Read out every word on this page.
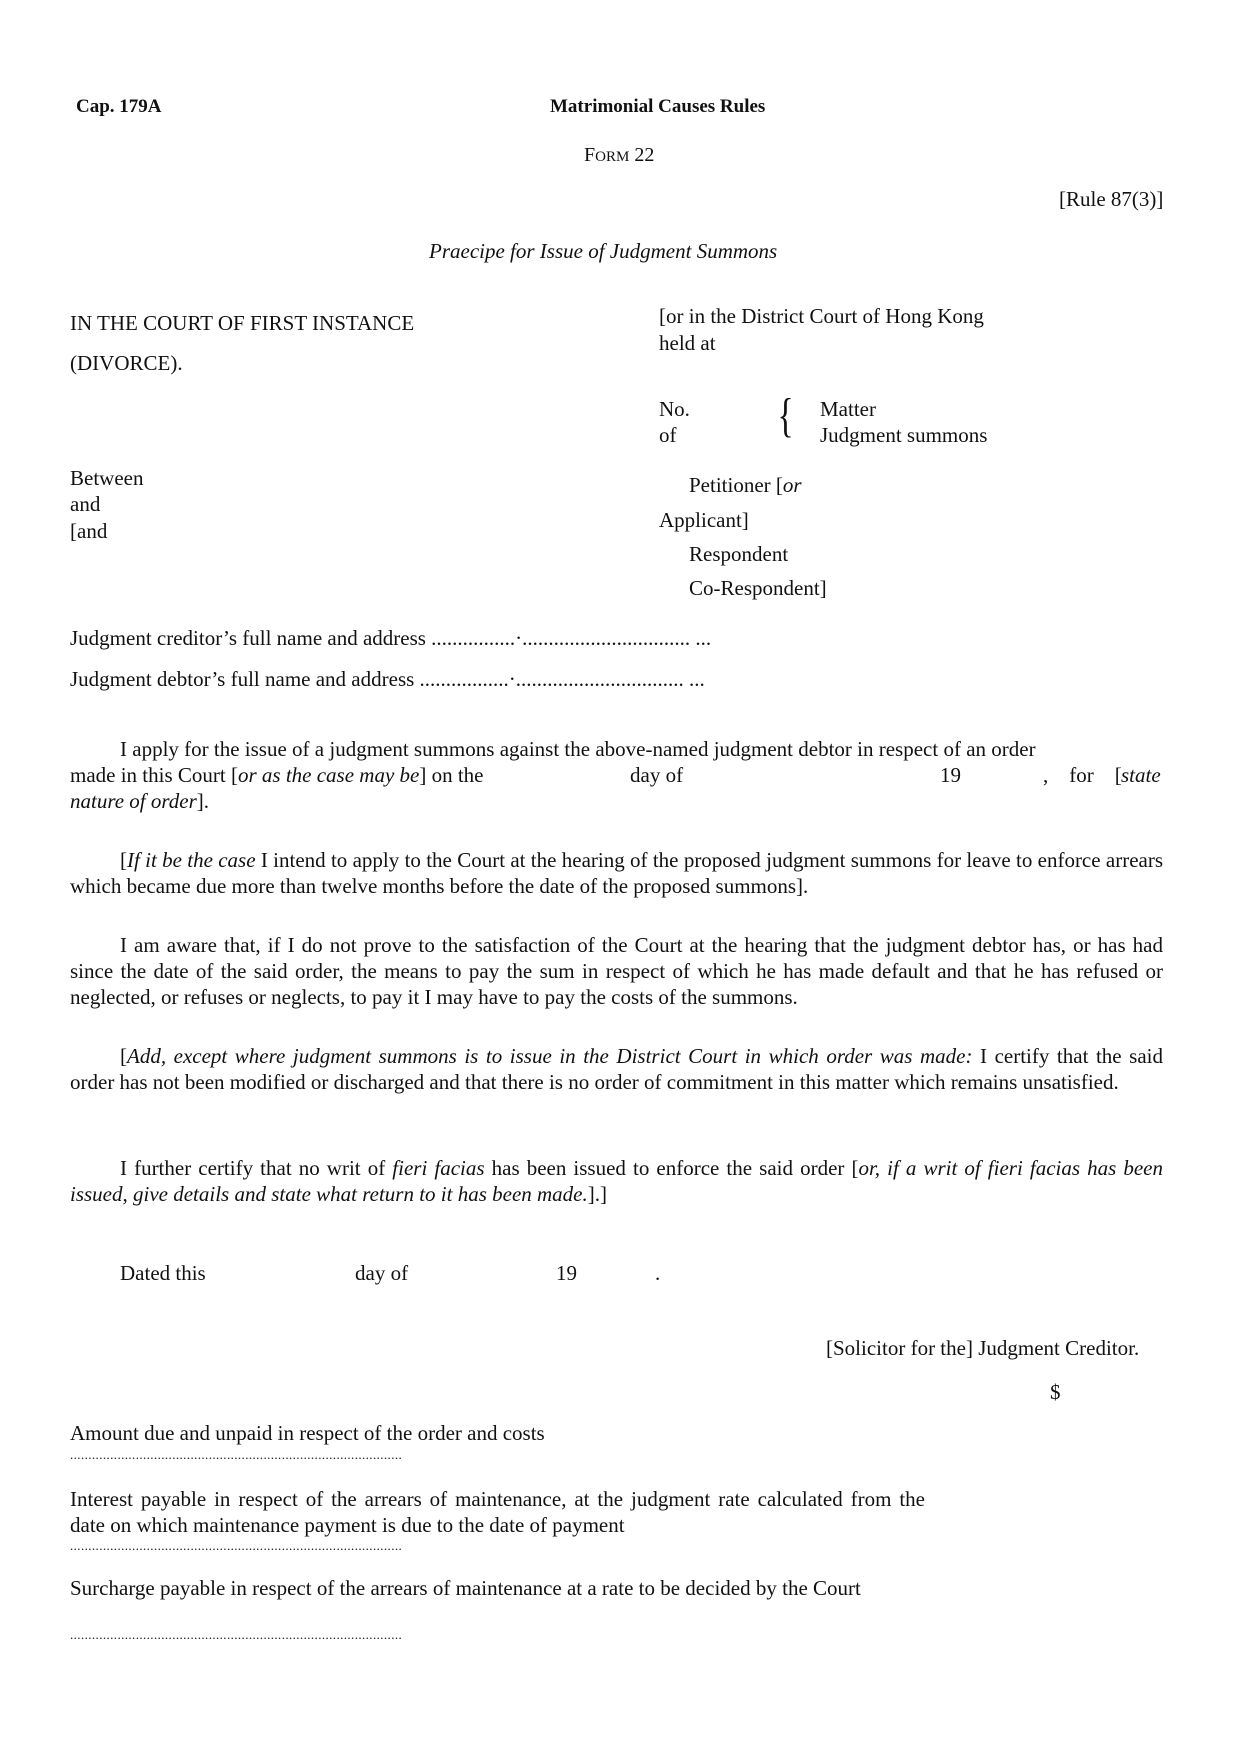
Cap. 179A	Matrimonial Causes Rules
FORM 22
[Rule 87(3)]
Praecipe for Issue of Judgment Summons
IN THE COURT OF FIRST INSTANCE
(DIVORCE).
[or in the District Court of Hong Kong
held at
No.
of { Matter
Judgment summons
Between
and
[and
Petitioner [or
Applicant]
Respondent
Co-Respondent]
Judgment creditor’s full name and address ................·................................ ...
Judgment debtor’s full name and address .................·................................ ...
I apply for the issue of a judgment summons against the above-named judgment debtor in respect of an order
made in this Court [or as the case may be] on the	day of	19	,    for    [ state
nature of order].
[If it be the case I intend to apply to the Court at the hearing of the proposed judgment summons for leave to enforce arrears which became due more than twelve months before the date of the proposed summons].
I am aware that, if I do not prove to the satisfaction of the Court at the hearing that the judgment debtor has, or has had since the date of the said order, the means to pay the sum in respect of which he has made default and that he has refused or neglected, or refuses or neglects, to pay it I may have to pay the costs of the summons.
[Add, except where judgment summons is to issue in the District Court in which order was made: I certify that the said order has not been modified or discharged and that there is no order of commitment in this matter which remains unsatisfied.
I further certify that no writ of fieri facias has been issued to enforce the said order [or, if a writ of fieri facias has been issued, give details and state what return to it has been made.].]
Dated this	day of	19	.
[Solicitor for the] Judgment Creditor.
$
Amount due and unpaid in respect of the order and costs
...........................................................................................
Interest payable in respect of the arrears of maintenance, at the judgment rate calculated from the date on which maintenance payment is due to the date of payment
...........................................................................................
Surcharge payable in respect of the arrears of maintenance at a rate to be decided by the Court
...........................................................................................
